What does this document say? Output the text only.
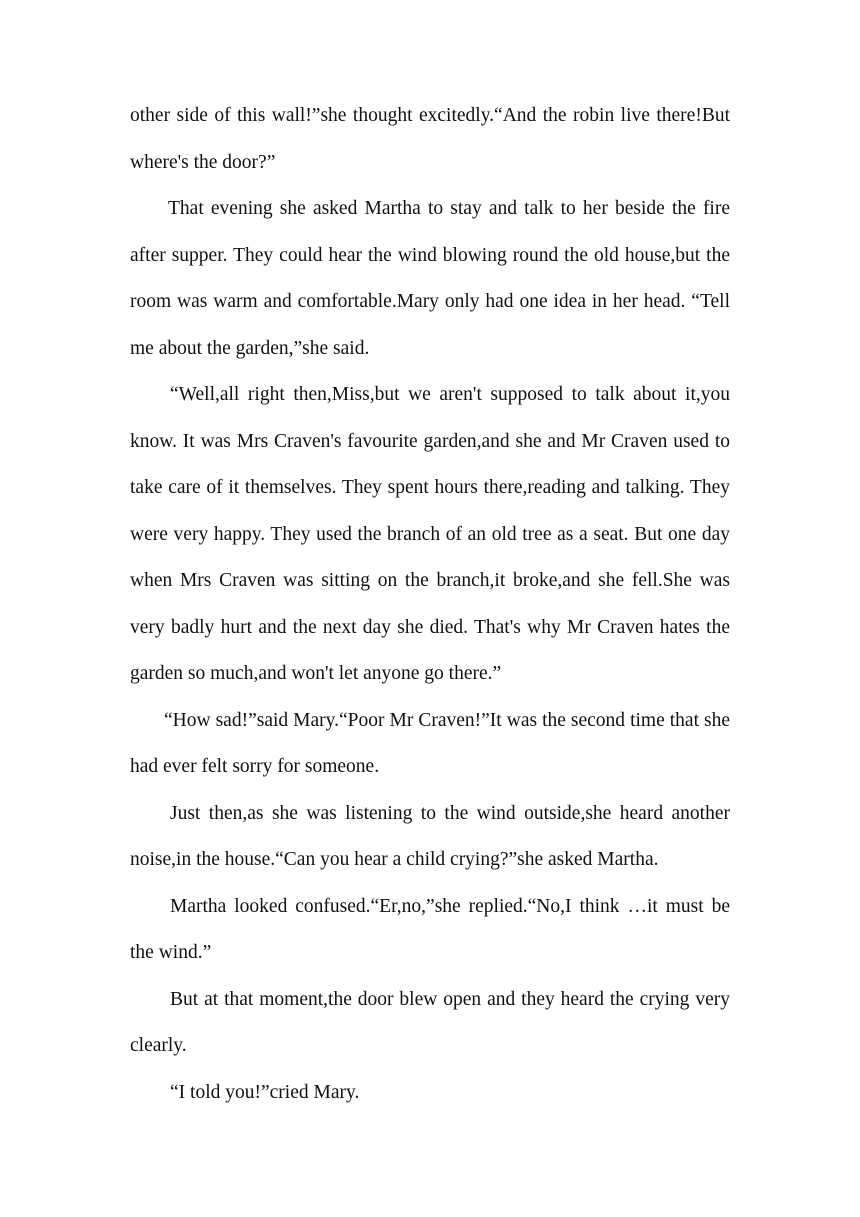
other side of this wall!”she thought excitedly.“And the robin live there!But where's the door?”

That evening she asked Martha to stay and talk to her beside the fire after supper. They could hear the wind blowing round the old house,but the room was warm and comfortable.Mary only had one idea in her head. “Tell me about the garden,”she said.

“Well,all right then,Miss,but we aren't supposed to talk about it,you know. It was Mrs Craven's favourite garden,and she and Mr Craven used to take care of it themselves. They spent hours there,reading and talking. They were very happy. They used the branch of an old tree as a seat. But one day when Mrs Craven was sitting on the branch,it broke,and she fell.She was very badly hurt and the next day she died. That's why Mr Craven hates the garden so much,and won't let anyone go there.”

“How sad!”said Mary.“Poor Mr Craven!”It was the second time that she had ever felt sorry for someone.

Just then,as she was listening to the wind outside,she heard another noise,in the house.“Can you hear a child crying?”she asked Martha.

Martha looked confused.“Er,no,”she replied.“No,I think …it must be the wind.”

But at that moment,the door blew open and they heard the crying very clearly.

“I told you!”cried Mary.
